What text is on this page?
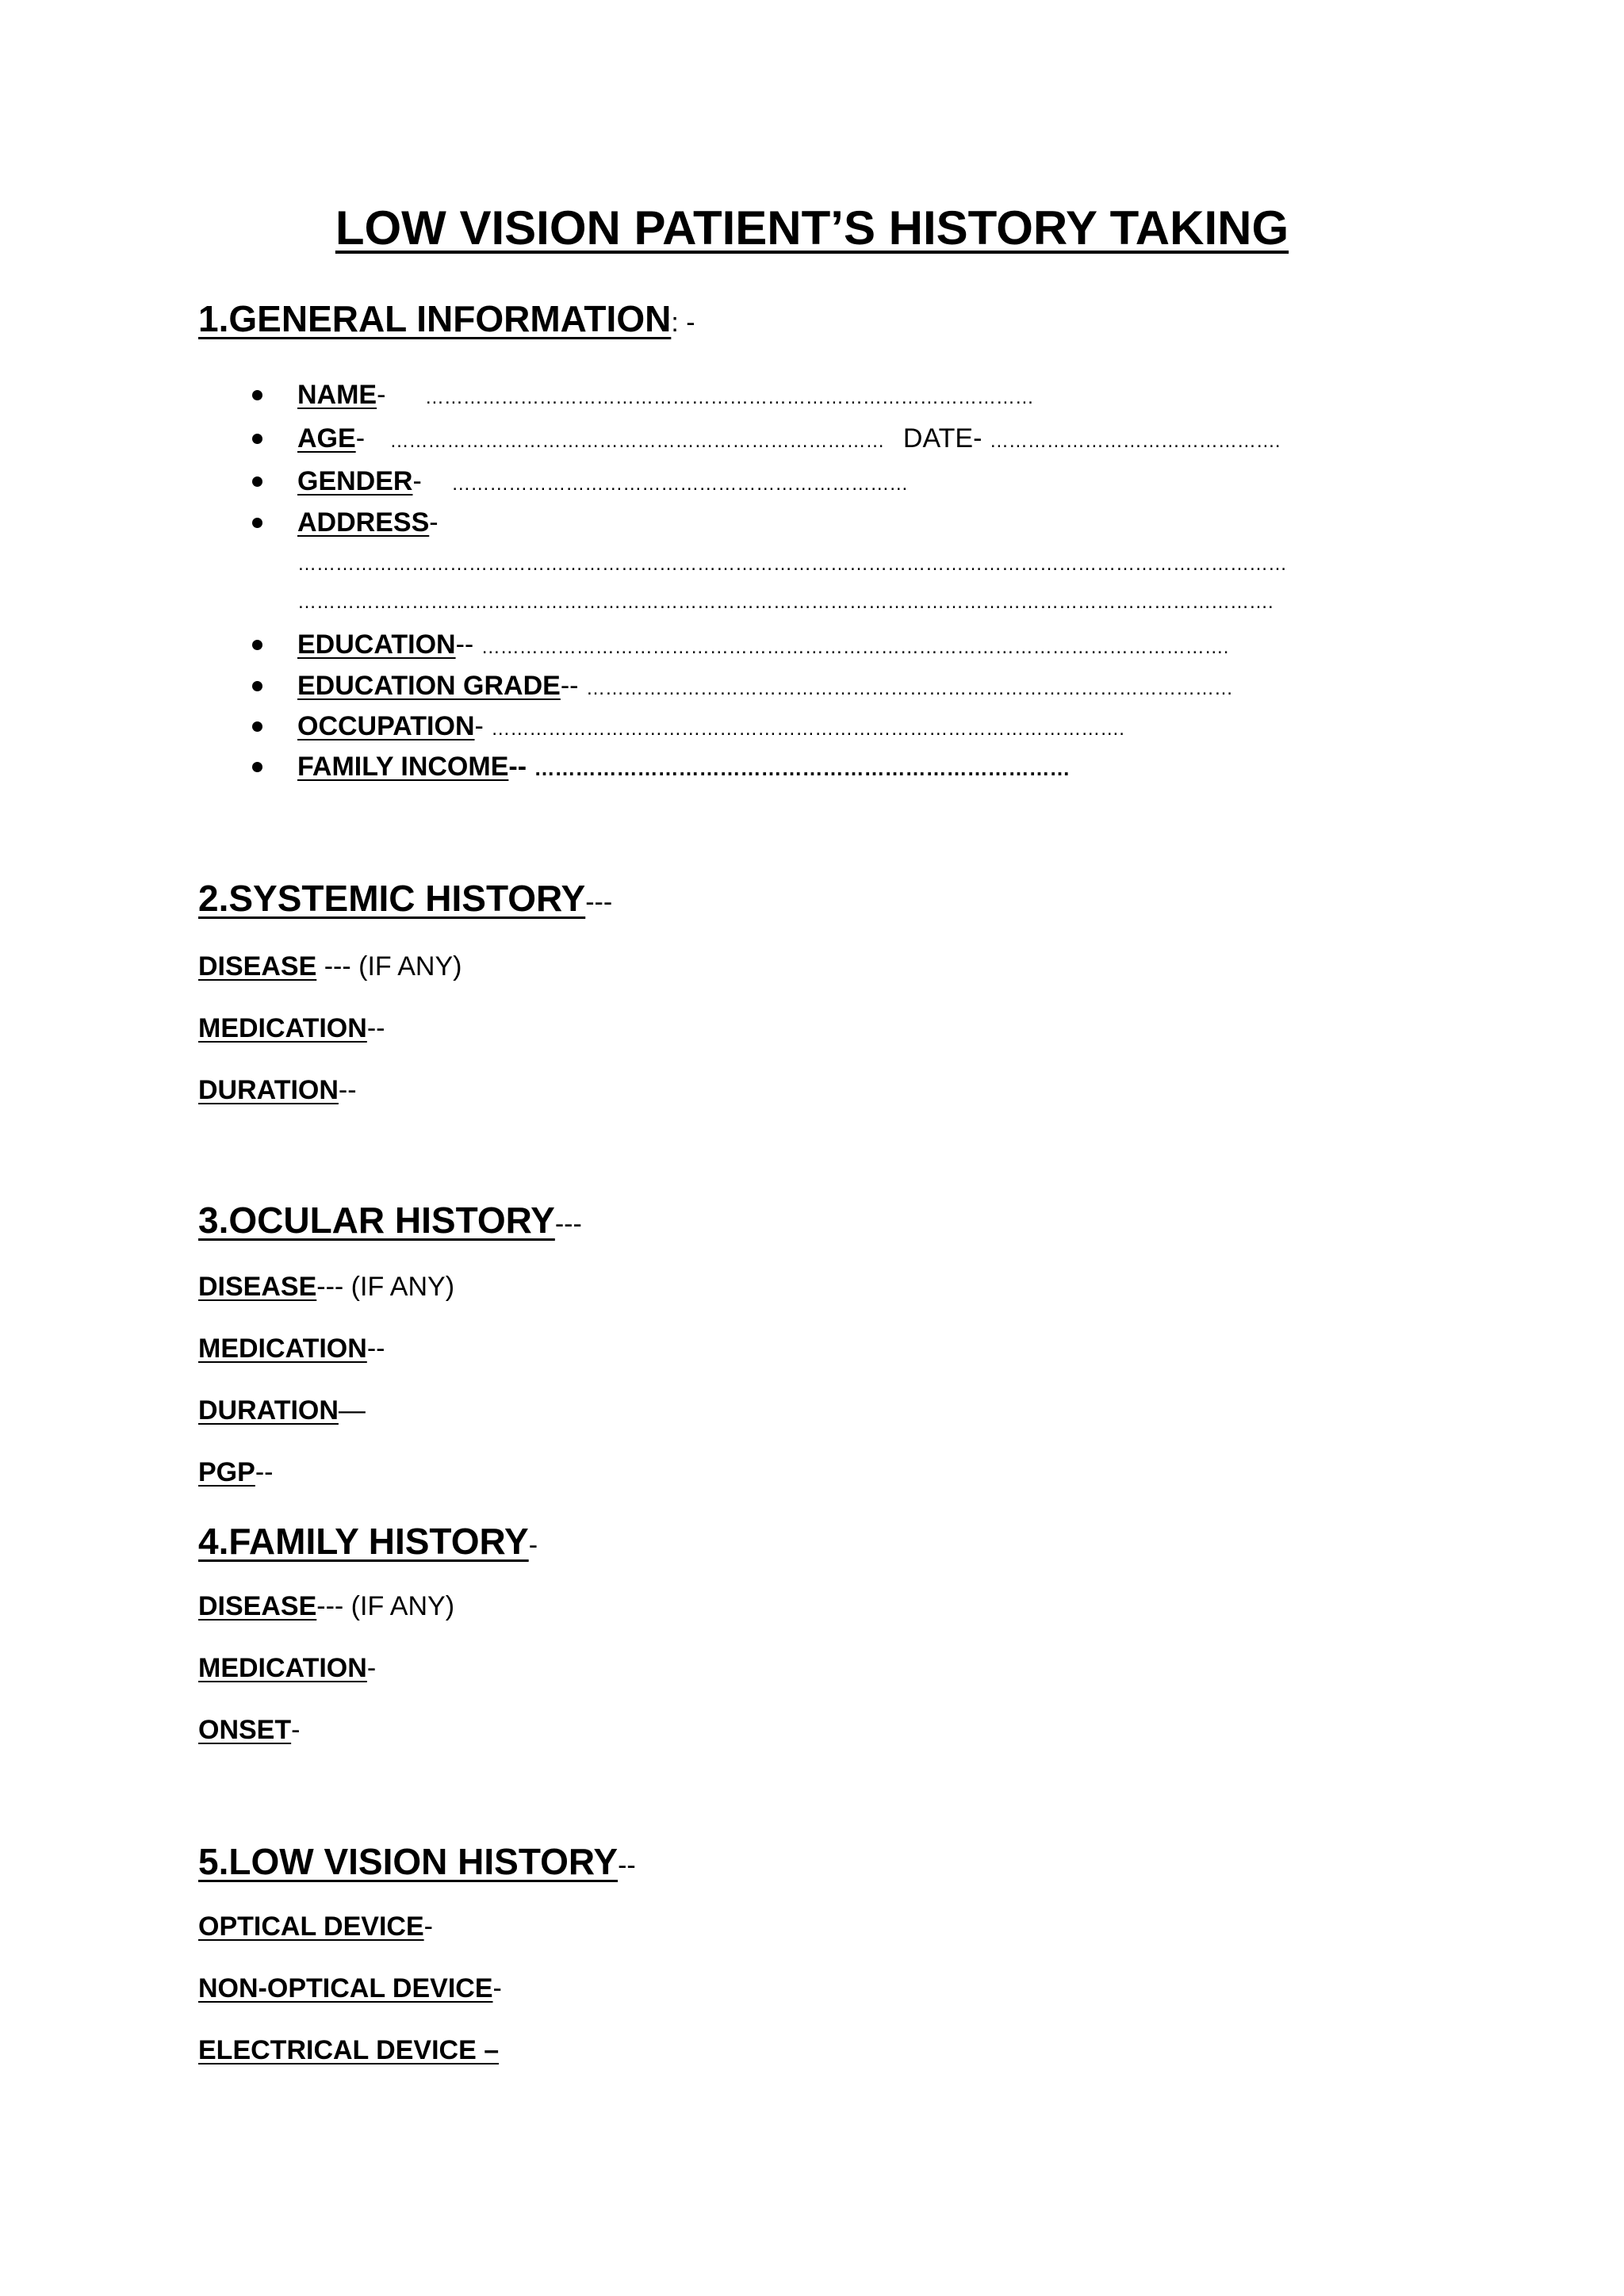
LOW VISION PATIENT’S HISTORY TAKING
1.GENERAL INFORMATION: -
NAME- ……………………………………………………………………………………
AGE- …………………………………………………………………… DATE- ……………………………………….
GENDER- ………………………………………………………………
ADDRESS-
…………………………………………………………………………………………………………………………………………
……………………………………………………………………………………………………………………………………….
EDUCATION-- ……………………………………………………………………………………………………….
EDUCATION GRADE-- …………………………………………………………………………………………
OCCUPATION- ……………………………………………………………………………………….
FAMILY INCOME-- ……………………………………………………………………
2.SYSTEMIC HISTORY---
DISEASE --- (IF ANY)
MEDICATION--
DURATION--
3.OCULAR HISTORY---
DISEASE--- (IF ANY)
MEDICATION--
DURATION—
PGP--
4.FAMILY HISTORY-
DISEASE--- (IF ANY)
MEDICATION-
ONSET-
5.LOW VISION HISTORY--
OPTICAL DEVICE-
NON-OPTICAL DEVICE-
ELECTRICAL DEVICE –
